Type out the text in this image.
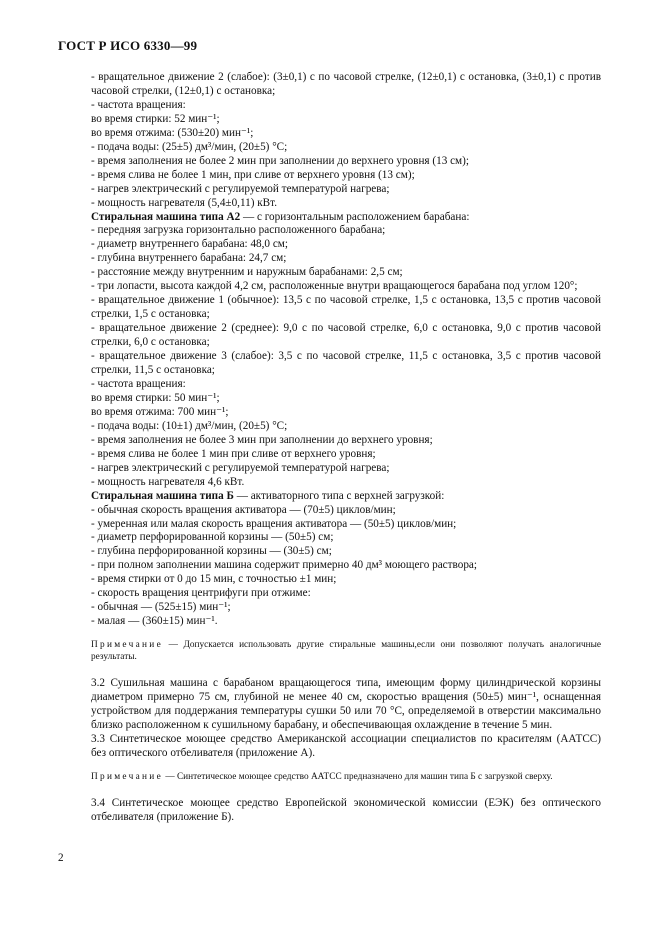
ГОСТ Р ИСО 6330—99

- вращательное движение 2 (слабое): (3±0,1) с по часовой стрелке, (12±0,1) с остановка, (3±0,1) с против часовой стрелки, (12±0,1) с остановка;

- частота вращения:

во время стирки: 52 мин⁻¹;

во время отжима: (530±20) мин⁻¹;

- подача воды: (25±5) дм³/мин, (20±5) °С;

- время заполнения не более 2 мин при заполнении до верхнего уровня (13 см);

- время слива не более 1 мин, при сливе от верхнего уровня (13 см);

- нагрев электрический с регулируемой температурой нагрева;

- мощность нагревателя (5,4±0,11) кВт.

Стиральная машина типа А2 — с горизонтальным расположением барабана:

- передняя загрузка горизонтально расположенного барабана;

- диаметр внутреннего барабана: 48,0 см;

- глубина внутреннего барабана: 24,7 см;

- расстояние между внутренним и наружным барабанами: 2,5 см;

- три лопасти, высота каждой 4,2 см, расположенные внутри вращающегося барабана под углом 120°;

- вращательное движение 1 (обычное): 13,5 с по часовой стрелке, 1,5 с остановка, 13,5 с против часовой стрелки, 1,5 с остановка;

- вращательное движение 2 (среднее): 9,0 с по часовой стрелке, 6,0 с остановка, 9,0 с против часовой стрелки, 6,0 с остановка;

- вращательное движение 3 (слабое): 3,5 с по часовой стрелке, 11,5 с остановка, 3,5 с против часовой стрелки, 11,5 с остановка;

- частота вращения:

во время стирки: 50 мин⁻¹;

во время отжима: 700 мин⁻¹;

- подача воды: (10±1) дм³/мин, (20±5) °С;

- время заполнения не более 3 мин при заполнении до верхнего уровня;

- время слива не более 1 мин при сливе от верхнего уровня;

- нагрев электрический с регулируемой температурой нагрева;

- мощность нагревателя 4,6 кВт.

Стиральная машина типа Б — активаторного типа с верхней загрузкой:

- обычная скорость вращения активатора — (70±5) циклов/мин;

- умеренная или малая скорость вращения активатора — (50±5) циклов/мин;

- диаметр перфорированной корзины — (50±5) см;

- глубина перфорированной корзины — (30±5) см;

- при полном заполнении машина содержит примерно 40 дм³ моющего раствора;

- время стирки от 0 до 15 мин, с точностью ±1 мин;

- скорость вращения центрифуги при отжиме:

- обычная — (525±15) мин⁻¹;

- малая — (360±15) мин⁻¹.

Примечание — Допускается использовать другие стиральные машины,если они позволяют получать аналогичные результаты.

3.2 Сушильная машина с барабаном вращающегося типа, имеющим форму цилиндрической корзины диаметром примерно 75 см, глубиной не менее 40 см, скоростью вращения (50±5) мин⁻¹, оснащенная устройством для поддержания температуры сушки 50 или 70 °С, определяемой в отверстии максимально близко расположенном к сушильному барабану, и обеспечивающая охлаждение в течение 5 мин.

3.3 Синтетическое моющее средство Американской ассоциации специалистов по красителям (ААТСС) без оптического отбеливателя (приложение А).

Примечание — Синтетическое моющее средство ААТСС предназначено для машин типа Б с загрузкой сверху.

3.4 Синтетическое моющее средство Европейской экономической комиссии (ЕЭК) без оптического отбеливателя (приложение Б).

2
